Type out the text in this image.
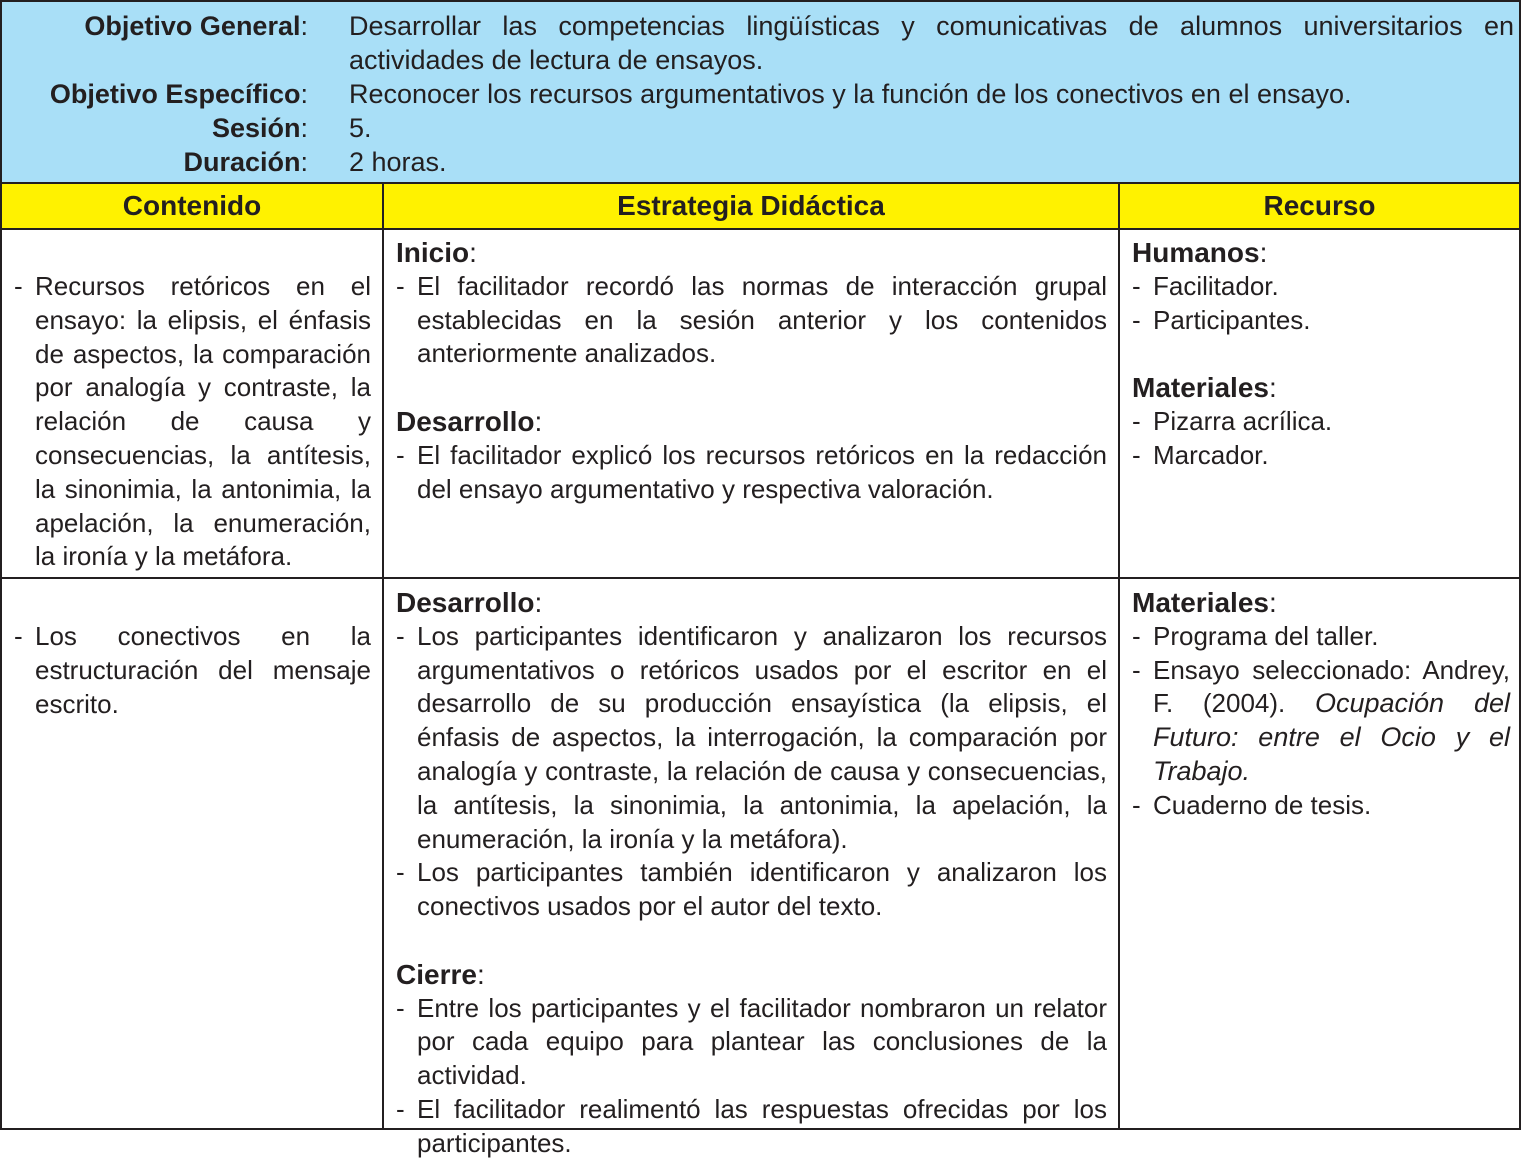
Objetivo General: Desarrollar las competencias lingüísticas y comunicativas de alumnos universitarios en actividades de lectura de ensayos.
Objetivo Específico: Reconocer los recursos argumentativos y la función de los conectivos en el ensayo.
Sesión: 5.
Duración: 2 horas.
Contenido	Estrategia Didáctica	Recurso
- Recursos retóricos en el ensayo: la elipsis, el énfasis de aspectos, la comparación por analogía y contraste, la relación de causa y consecuencias, la antítesis, la sinonimia, la antonimia, la apelación, la enumeración, la ironía y la metáfora.
Inicio:
- El facilitador recordó las normas de interacción grupal establecidas en la sesión anterior y los contenidos anteriormente analizados.
Desarrollo:
- El facilitador explicó los recursos retóricos en la redacción del ensayo argumentativo y respectiva valoración.
Humanos:
- Facilitador.
- Participantes.
Materiales:
- Pizarra acrílica.
- Marcador.
- Los conectivos en la estructuración del mensaje escrito.
Desarrollo:
- Los participantes identificaron y analizaron los recursos argumentativos o retóricos usados por el escritor en el desarrollo de su producción ensayística (la elipsis, el énfasis de aspectos, la interrogación, la comparación por analogía y contraste, la relación de causa y consecuencias, la antítesis, la sinonimia, la antonimia, la apelación, la enumeración, la ironía y la metáfora).
- Los participantes también identificaron y analizaron los conectivos usados por el autor del texto.
Cierre:
- Entre los participantes y el facilitador nombraron un relator por cada equipo para plantear las conclusiones de la actividad.
- El facilitador realimentó las respuestas ofrecidas por los participantes.
Materiales:
- Programa del taller.
- Ensayo seleccionado: Andrey, F. (2004). Ocupación del Futuro: entre el Ocio y el Trabajo.
- Cuaderno de tesis.
